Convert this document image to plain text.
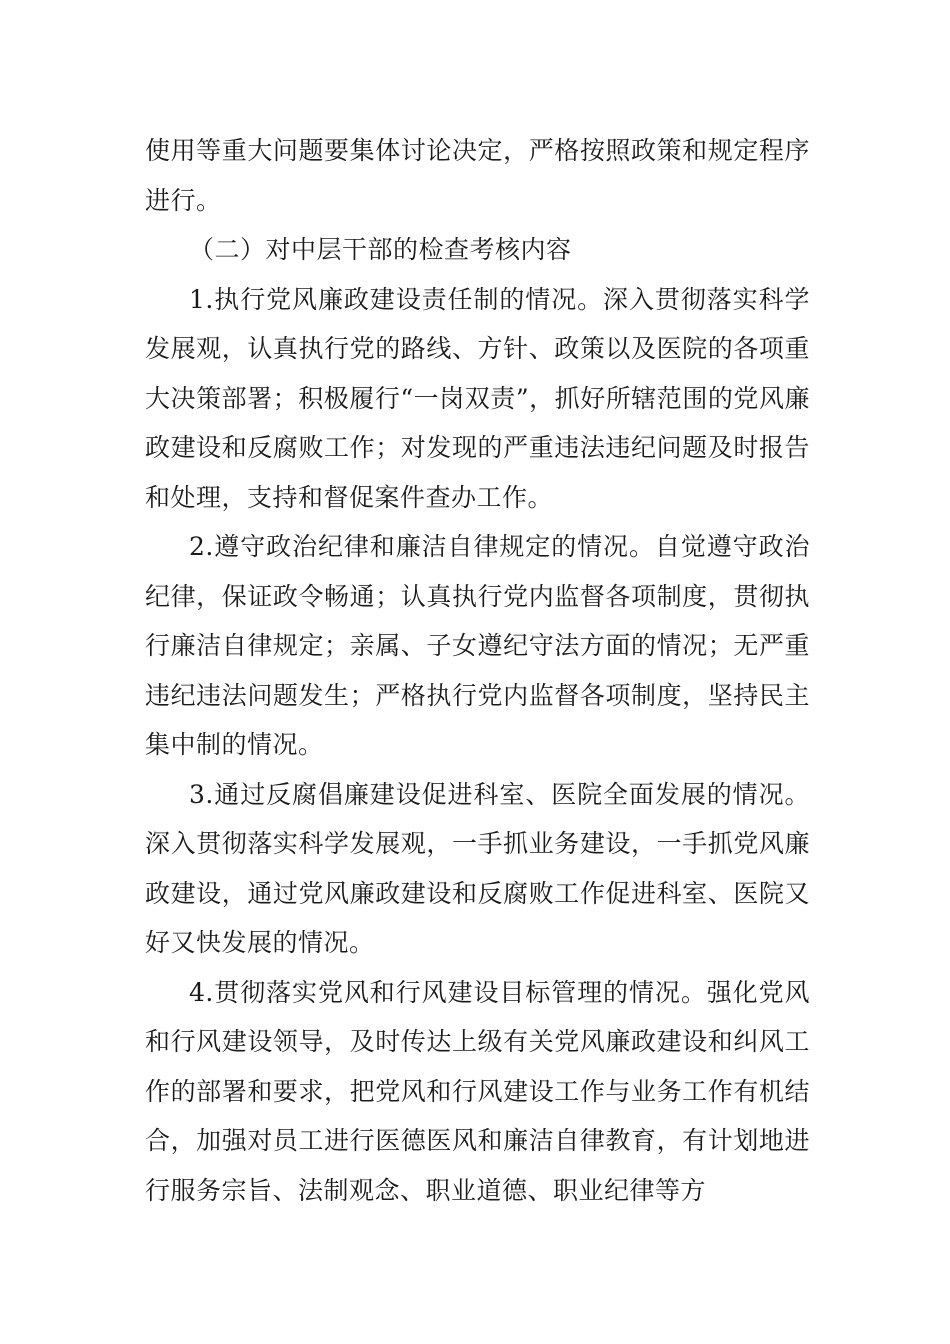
使用等重大问题要集体讨论决定，严格按照政策和规定程序进行。

（二）对中层干部的检查考核内容

1.执行党风廉政建设责任制的情况。深入贯彻落实科学发展观，认真执行党的路线、方针、政策以及医院的各项重大决策部署；积极履行“一岗双责”，抓好所辖范围的党风廉政建设和反腐败工作；对发现的严重违法违纪问题及时报告和处理，支持和督促案件查办工作。

2.遵守政治纪律和廉洁自律规定的情况。自觉遵守政治纪律，保证政令畅通；认真执行党内监督各项制度，贯彻执行廉洁自律规定；亲属、子女遵纪守法方面的情况；无严重违纪违法问题发生；严格执行党内监督各项制度，坚持民主集中制的情况。

3.通过反腐倡廉建设促进科室、医院全面发展的情况。深入贯彻落实科学发展观，一手抓业务建设，一手抓党风廉政建设，通过党风廉政建设和反腐败工作促进科室、医院又好又快发展的情况。

4.贯彻落实党风和行风建设目标管理的情况。强化党风和行风建设领导，及时传达上级有关党风廉政建设和纠风工作的部署和要求，把党风和行风建设工作与业务工作有机结合，加强对员工进行医德医风和廉洁自律教育，有计划地进行服务宗旨、法制观念、职业道德、职业纪律等方
